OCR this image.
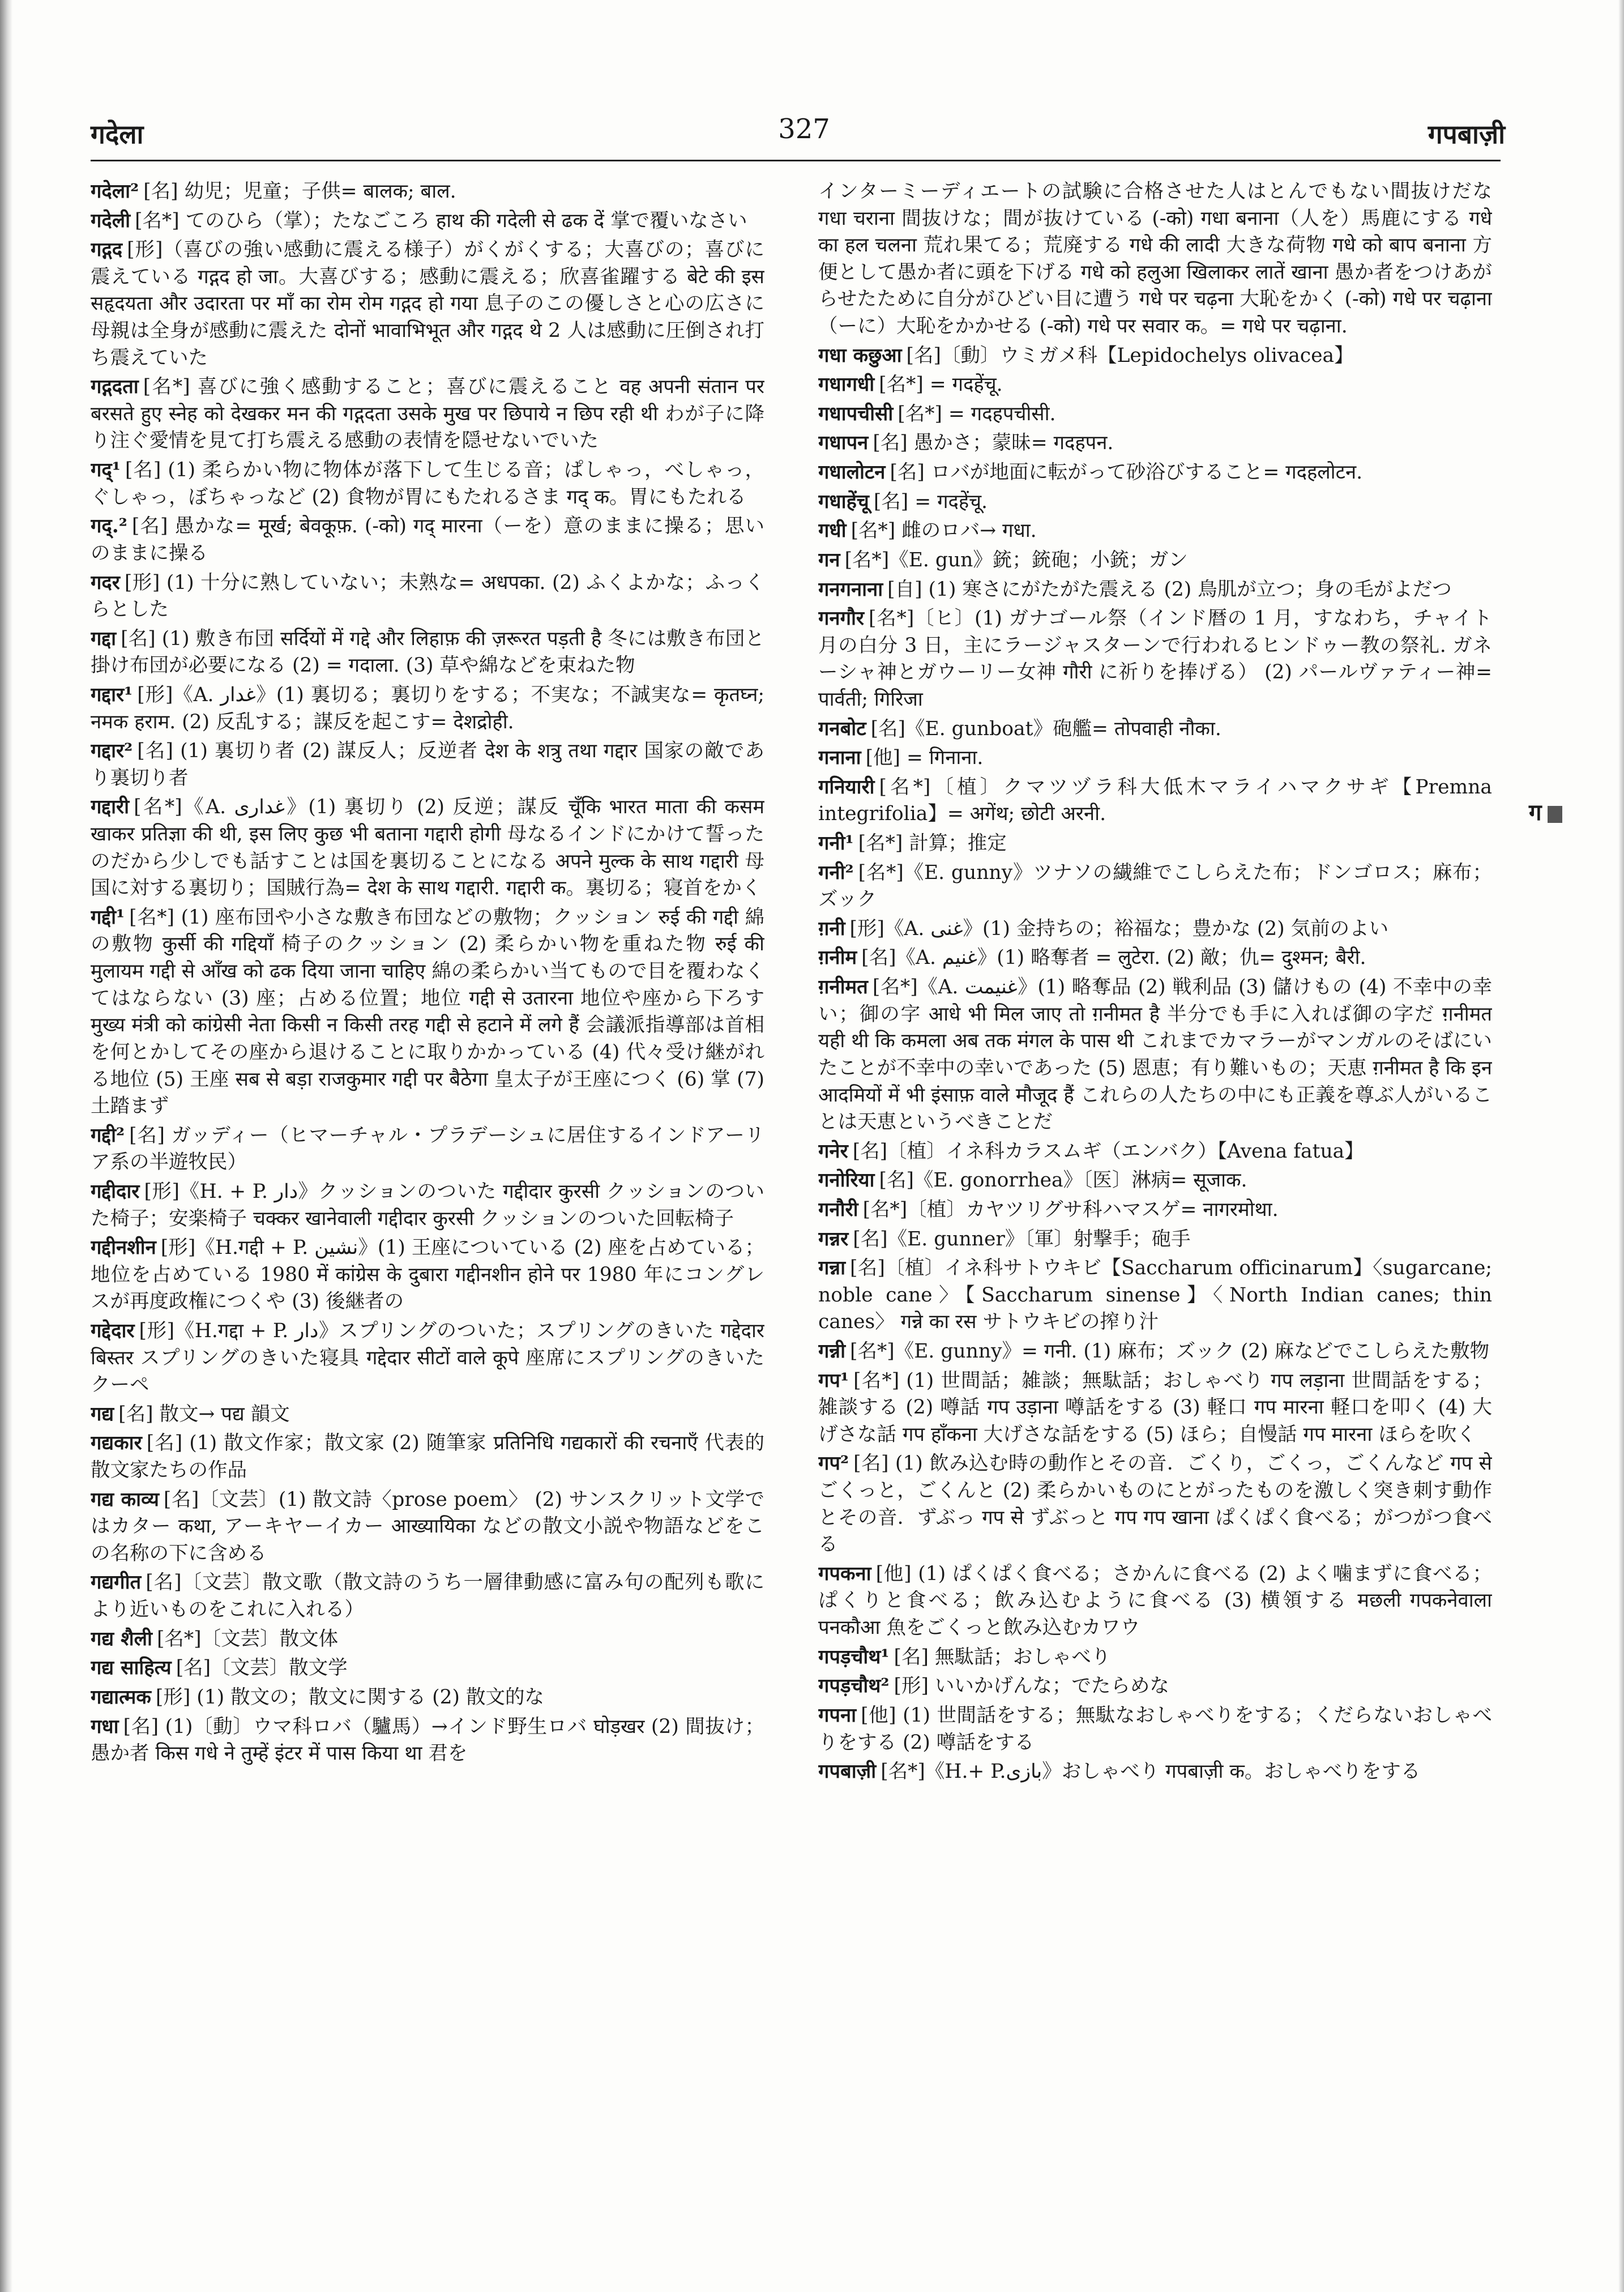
गदेला	327	गपबाज़ी

गदेला² [名] 幼児；児童；子供= बालक; बाल.

गदेली [名*] てのひら（掌）；たなごころ हाथ की गदेली से ढक दें 掌で覆いなさい

गद्गद [形]（喜びの強い感動に震える様子）がくがくする；大喜びの；喜びに震えている गद्गद हो जा。大喜びする；感動に震える；欣喜雀躍する बेटे की इस सहृदयता और उदारता पर माँ का रोम रोम गद्गद हो गया 息子のこの優しさと心の広さに母親は全身が感動に震えた दोनों भावाभिभूत और गद्गद थे 2 人は感動に圧倒され打ち震えていた

गद्गदता [名*] 喜びに強く感動すること；喜びに震えること वह अपनी संतान पर बरसते हुए स्नेह को देखकर मन की गद्गदता उसके मुख पर छिपाये न छिप रही थी わが子に降り注ぐ愛情を見て打ち震える感動の表情を隠せないでいた

गद्¹ [名] (1) 柔らかい物に物体が落下して生じる音；ぱしゃっ，べしゃっ，ぐしゃっ，ぼちゃっなど (2) 食物が胃にもたれるさま गद्‌ क。胃にもたれる

गद्.² [名] 愚かな= मूर्ख; बेवकूफ़. (-को) गद्‌ मारना（ーを）意のままに操る；思いのままに操る

गदर [形] (1) 十分に熟していない；未熟な= अधपका. (2) ふくよかな；ふっくらとした

गद्दा [名] (1) 敷き布団 सर्दियों में गद्दे और लिहाफ़ की ज़रूरत पड़ती है 冬には敷き布団と掛け布団が必要になる (2) = गदाला. (3) 草や綿などを束ねた物

गद्दार¹ [形]《A. غدار》(1) 裏切る；裏切りをする；不実な；不誠実な= कृतघ्न; नमक हराम. (2) 反乱する；謀反を起こす= देशद्रोही.

गद्दार² [名] (1) 裏切り者 (2) 謀反人；反逆者 देश के शत्रु तथा गद्दार 国家の敵であり裏切り者

गद्दारी [名*]《A. غداری》(1) 裏切り (2) 反逆；謀反 चूँकि भारत माता की कसम खाकर प्रतिज्ञा की थी, इस लिए कुछ भी बताना गद्दारी होगी 母なるインドにかけて誓ったのだから少しでも話すことは国を裏切ることになる अपने मुल्क के साथ गद्दारी 母国に対する裏切り；国賊行為= देश के साथ गद्दारी. गद्दारी क。裏切る；寝首をかく

गद्दी¹ [名*] (1) 座布団や小さな敷き布団などの敷物；クッション रुई की गद्दी 綿の敷物 कुर्सी की गद्दियाँ 椅子のクッション (2) 柔らかい物を重ねた物 रुई की मुलायम गद्दी से आँख को ढक दिया जाना चाहिए 綿の柔らかい当てもので目を覆わなくてはならない (3) 座；占める位置；地位 गद्दी से उतारना 地位や座から下ろす मुख्य मंत्री को कांग्रेसी नेता किसी न किसी तरह गद्दी से हटाने में लगे हैं 会議派指導部は首相を何とかしてその座から退けることに取りかかっている (4) 代々受け継がれる地位 (5) 王座 सब से बड़ा राजकुमार गद्दी पर बैठेगा 皇太子が王座につく (6) 掌 (7) 土踏まず

गद्दी² [名] ガッディー（ヒマーチャル・プラデーシュに居住するインドアーリア系の半遊牧民）

गद्दीदार [形]《H. + P. دار》クッションのついた गद्दीदार कुरसी クッションのついた椅子；安楽椅子 चक्कर खानेवाली गद्दीदार कुरसी クッションのついた回転椅子

गद्दीनशीन [形]《H.गद्दी + P. نشین》(1) 王座についている (2) 座を占めている；地位を占めている 1980 में कांग्रेस के दुबारा गद्दीनशीन होने पर 1980 年にコングレスが再度政権につくや (3) 後継者の

गद्देदार [形]《H.गद्दा + P. دار》スプリングのついた；スプリングのきいた गद्देदार बिस्तर スプリングのきいた寝具 गद्देदार सीटों वाले कूपे 座席にスプリングのきいたクーペ

गद्य [名] 散文→ पद्य 韻文

गद्यकार [名] (1) 散文作家；散文家 (2) 随筆家 प्रतिनिधि गद्यकारों की रचनाएँ 代表的散文家たちの作品

गद्य काव्य [名]〔文芸〕(1) 散文詩〈prose poem〉 (2) サンスクリット文学ではカター कथा, アーキヤーイカー आख्यायिका などの散文小説や物語などをこの名称の下に含める

गद्यगीत [名]〔文芸〕散文歌（散文詩のうち一層律動感に富み句の配列も歌により近いものをこれに入れる）

गद्य शैली [名*]〔文芸〕散文体

गद्य साहित्य [名]〔文芸〕散文学

गद्यात्मक [形] (1) 散文の；散文に関する (2) 散文的な

गधा [名] (1)〔動〕ウマ科ロバ（驢馬）→インド野生ロバ घोड़खर (2) 間抜け；愚か者 किस गधे ने तुम्हें इंटर में पास किया था 君を

インターミーディエートの試験に合格させた人はとんでもない間抜けだな गधा चराना 間抜けな；間が抜けている (-को) गधा बनाना（人を）馬鹿にする गधे का हल चलना 荒れ果てる；荒廃する गधे की लादी 大きな荷物 गधे को बाप बनाना 方便として愚か者に頭を下げる गधे को हलुआ खिलाकर लातें खाना 愚か者をつけあがらせたために自分がひどい目に遭う गधे पर चढ़ना 大恥をかく (-को) गधे पर चढ़ाना（ーに）大恥をかかせる (-को) गधे पर सवार क。= गधे पर चढ़ाना.

गधा कछुआ [名]〔動〕ウミガメ科【Lepidochelys olivacea】

गधागधी [名*] = गदहेंचू.

गधापचीसी [名*] = गदहपचीसी.

गधापन [名] 愚かさ；蒙昧= गदहपन.

गधालोटन [名] ロバが地面に転がって砂浴びすること= गदहलोटन.

गधाहेंचू [名] = गदहेंचू.

गधी [名*] 雌のロバ→ गधा.

गन [名*]《E. gun》銃；銃砲；小銃；ガン

गनगनाना [自] (1) 寒さにがたがた震える (2) 鳥肌が立つ；身の毛がよだつ

गनगौर [名*]〔ヒ〕(1) ガナゴール祭（インド暦の 1 月，すなわち，チャイト月の白分 3 日，主にラージャスターンで行われるヒンドゥー教の祭礼. ガネーシャ神とガウーリー女神 गौरी に祈りを捧げる） (2) パールヴァティー神= पार्वती; गिरिजा

गनबोट [名]《E. gunboat》砲艦= तोपवाही नौका.

गनाना [他] = गिनाना.

गनियारी [名*]〔植〕クマツヅラ科大低木マライハマクサギ【Premna integrifolia】= अगेंथ; छोटी अरनी.

गनी¹ [名*] 計算；推定

गनी² [名*]《E. gunny》ツナソの繊維でこしらえた布；ドンゴロス；麻布；ズック

ग़नी [形]《A. غنی》(1) 金持ちの；裕福な；豊かな (2) 気前のよい

ग़नीम [名]《A. غنیم》(1) 略奪者 = लुटेरा. (2) 敵；仇= दुश्मन; बैरी.

ग़नीमत [名*]《A. غنیمت》(1) 略奪品 (2) 戦利品 (3) 儲けもの (4) 不幸中の幸い；御の字 आधे भी मिल जाए तो ग़नीमत है 半分でも手に入れば御の字だ ग़नीमत यही थी कि कमला अब तक मंगल के पास थी これまでカマラーがマンガルのそばにいたことが不幸中の幸いであった (5) 恩恵；有り難いもの；天恵 ग़नीमत है कि इन आदमियों में भी इंसाफ़ वाले मौजूद हैं これらの人たちの中にも正義を尊ぶ人がいることは天恵というべきことだ

गनेर [名]〔植〕イネ科カラスムギ（エンバク）【Avena fatua】

गनोरिया [名]《E. gonorrhea》〔医〕淋病= सूजाक.

गनौरी [名*]〔植〕カヤツリグサ科ハマスゲ= नागरमोथा.

गन्नर [名]《E. gunner》〔軍〕射撃手；砲手

गन्ना [名]〔植〕イネ科サトウキビ【Saccharum officinarum】〈sugarcane; noble cane〉【Saccharum sinense】〈North Indian canes; thin canes〉 गन्ने का रस サトウキビの搾り汁

गन्नी [名*]《E. gunny》= गनी. (1) 麻布；ズック (2) 麻などでこしらえた敷物

गप¹ [名*] (1) 世間話；雑談；無駄話；おしゃべり गप लड़ाना 世間話をする；雑談する (2) 噂話 गप उड़ाना 噂話をする (3) 軽口 गप मारना 軽口を叩く (4) 大げさな話 गप हाँकना 大げさな話をする (5) ほら；自慢話 गप मारना ほらを吹く

गप² [名] (1) 飲み込む時の動作とその音．ごくり，ごくっ，ごくんなど गप से ごくっと，ごくんと (2) 柔らかいものにとがったものを激しく突き刺す動作とその音．ずぶっ गप से ずぶっと गप गप खाना ぱくぱく食べる；がつがつ食べる

गपकना [他] (1) ぱくぱく食べる；さかんに食べる (2) よく噛まずに食べる；ぱくりと食べる；飲み込むように食べる (3) 横領する मछली गपकनेवाला पनकौआ 魚をごくっと飲み込むカワウ

गपड़चौथ¹ [名] 無駄話；おしゃべり

गपड़चौथ² [形] いいかげんな；でたらめな

गपना [他] (1) 世間話をする；無駄なおしゃべりをする；くだらないおしゃべりをする (2) 噂話をする

गपबाज़ी [名*]《H.+ P.بازی》おしゃべり गपबाज़ी क。おしゃべりをする

ग
